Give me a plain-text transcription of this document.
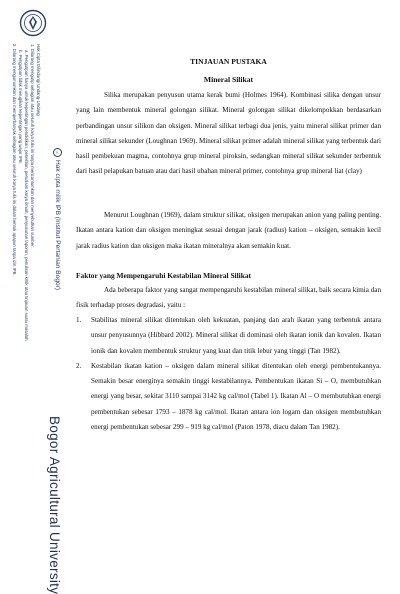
Hak Cipta Dilindungi Undang-Undang
1. Dilarang mengutip sebagian atau seluruh karya tulis ini tanpa mencantumkan dan menyebutkan sumber:
a. Pengutipan hanya untuk kepentingan pendidikan, penelitian, penulisan karya ilmiah, penyusunan laporan, penulisan kritik atau tinjauan suatu masalah.
b. Pengutipan tidak merugikan kepentingan yang wajar IPB.
2. Dilarang mengumumkan dan memperbanyak sebagian atau seluruh karya tulis ini dalam bentuk apapun tanpa izin IPB.	cHak cipta milik IPB (Institut Pertanian Bogor)
Bogor Agricultural University
TINJAUAN PUSTAKA
Mineral Silikat
Silika merupakan penyusun utama kerak bumi (Holmes 1964). Kombinasi silika dengan unsur yang lain membentuk mineral golongan silikat. Mineral golongan silikat dikelompokkan berdasarkan perbandingan unsur silikon dan oksigen. Mineral silikat terbagi dua jenis, yaitu mineral silikat primer dan mineral silikat sekunder (Loughnan 1969). Mineral silikat primer adalah mineral silikat yang terbentuk dari hasil pembekuan magma, contohnya grup mineral piroksin, sedangkan mineral silikat sekunder terbentuk dari hasil pelapukan batuan atau dari hasil ubahan mineral primer, contohnya grup mineral liat (clay)
Menurut Loughnan (1969), dalam struktur silikat, oksigen merupakan anion yang paling penting. Ikatan antara kation dan oksigen meningkat sesuai dengan jarak (radius) kation – oksigen, semakin kecil jarak radius kation dan oksigen maka ikatan mineralnya akan semakin kuat.
Faktor yang Mempengaruhi Kestabilan Mineral Silikat
Ada beberapa faktor yang sangat mempengaruhi kestabilan mineral silikat, baik secara kimia dan fisik terhadap proses degradasi, yaitu :
1. Stabilitas mineral silikat ditentukan oleh kekuatan, panjang dan arah ikatan yang terbentuk antara unsur penyusunnya (Hibbard 2002). Mineral silikat di dominasi oleh ikatan ionik dan kovalen. Ikatan ionik dan kovalen membentuk struktur yang kuat dan titik lebur yang tinggi (Tan 1982).
2. Kestabilan ikatan kation – oksigen dalam mineral silikat ditentukan oleh energi pembentukannya. Semakin besar energinya semakin tinggi kestabilannya. Pembentukan ikatan Si – O, membutuhkan energi yang besar, sekitar 3110 sampai 3142 kg cal/mol (Tabel 1). Ikatan Al – O membutuhkan energi pembentukan sebesar 1793 – 1878 kg cal/mol. Ikatan antara ion logam dan oksigen membutuhkan energi pembentukan sebesar 299 – 919 kg cal/mol (Paton 1978, diacu dalam Tan 1982).
